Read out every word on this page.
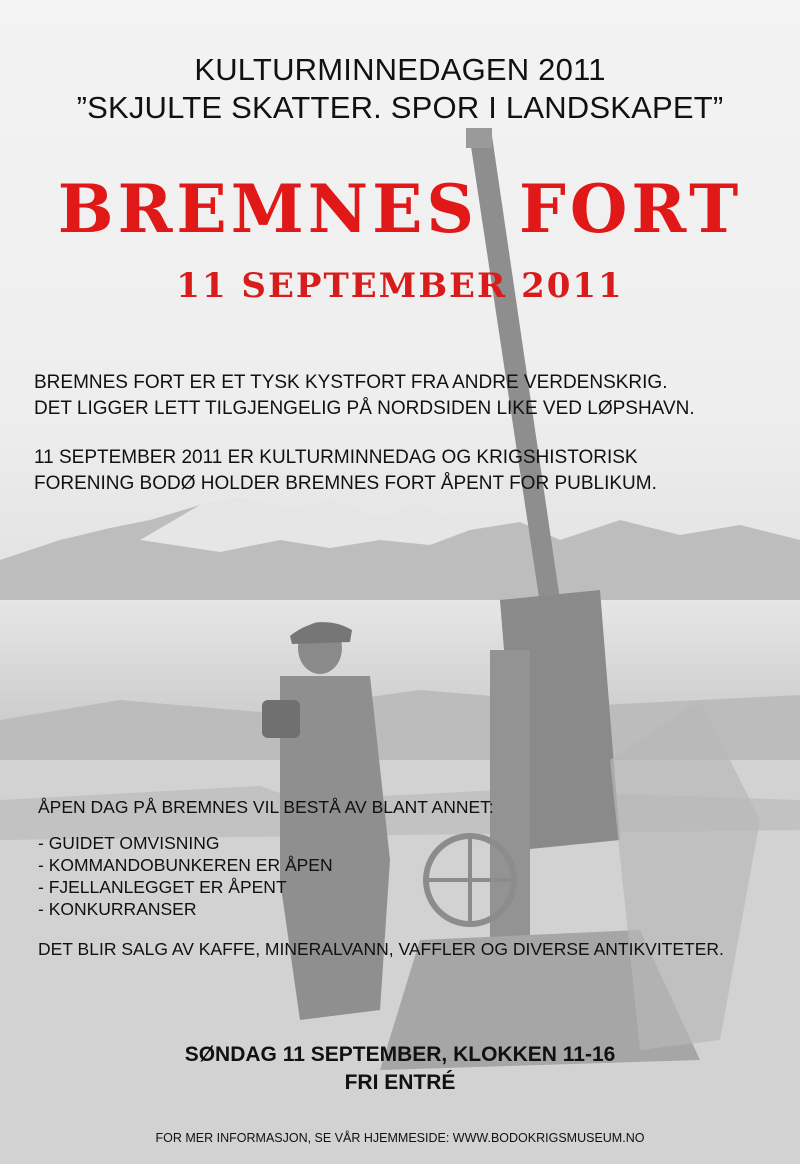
KULTURMINNEDAGEN 2011
”SKJULTE SKATTER. SPOR I LANDSKAPET”
BREMNES FORT
11 SEPTEMBER 2011

BREMNES FORT ER ET TYSK KYSTFORT FRA ANDRE VERDENSKRIG.
DET LIGGER LETT TILGJENGELIG PÅ NORDSIDEN LIKE VED LØPSHAVN.

11 SEPTEMBER 2011 ER KULTURMINNEDAG OG KRIGSHISTORISK
FORENING BODØ HOLDER BREMNES FORT ÅPENT FOR PUBLIKUM.

ÅPEN DAG PÅ BREMNES VIL BESTÅ AV BLANT ANNET:

- GUIDET OMVISNING
- KOMMANDOBUNKEREN ER ÅPEN
- FJELLANLEGGET ER ÅPENT
- KONKURRANSER

DET BLIR SALG AV KAFFE, MINERALVANN, VAFFLER OG DIVERSE ANTIKVITETER.

SØNDAG 11 SEPTEMBER, KLOKKEN 11-16
FRI ENTRÉ
FOR MER INFORMASJON, SE VÅR HJEMMESIDE: WWW.BODOKRIGSMUSEUM.NO
